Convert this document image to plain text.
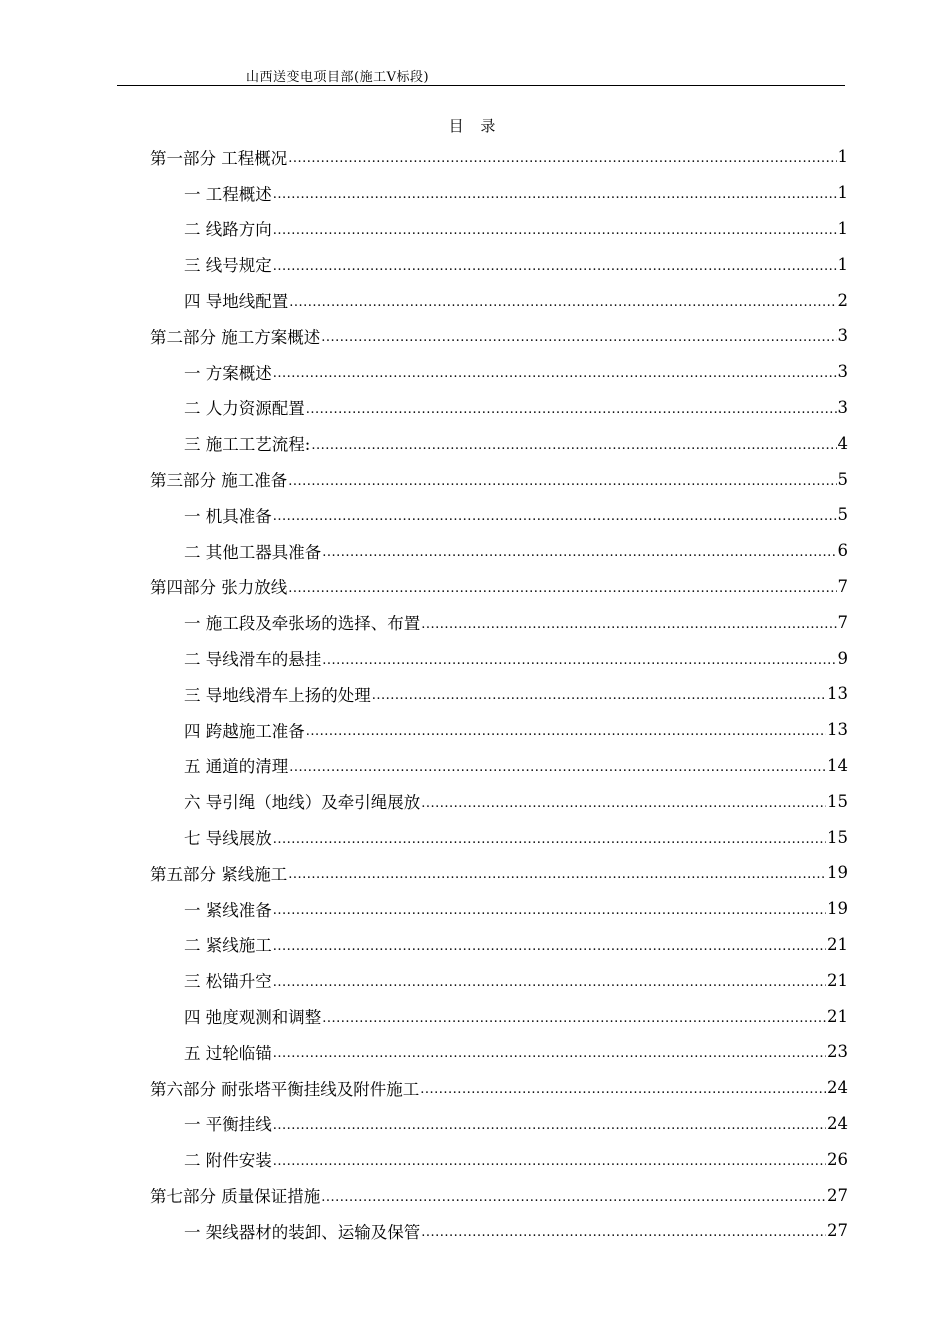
山西送变电项目部(施工Ⅴ标段)
目 录
第一部分 工程概况 .....	1
一 工程概述 .....	1
二 线路方向 .....	1
三 线号规定 .....	1
四 导地线配置 .....	2
第二部分 施工方案概述 .....	3
一 方案概述 .....	3
二 人力资源配置 .....	3
三 施工工艺流程: .....	4
第三部分 施工准备 .....	5
一 机具准备 .....	5
二 其他工器具准备 .....	6
第四部分 张力放线 .....	7
一 施工段及牵张场的选择、布置 .....	7
二 导线滑车的悬挂 .....	9
三 导地线滑车上扬的处理 .....	13
四 跨越施工准备 .....	13
五 通道的清理 .....	14
六 导引绳（地线）及牵引绳展放 .....	15
七 导线展放 .....	15
第五部分 紧线施工 .....	19
一 紧线准备 .....	19
二 紧线施工 .....	21
三 松锚升空 .....	21
四 弛度观测和调整 .....	21
五 过轮临锚 .....	23
第六部分 耐张塔平衡挂线及附件施工 .....	24
一 平衡挂线 .....	24
二 附件安装 .....	26
第七部分 质量保证措施 .....	27
一 架线器材的装卸、运输及保管 .....	27
